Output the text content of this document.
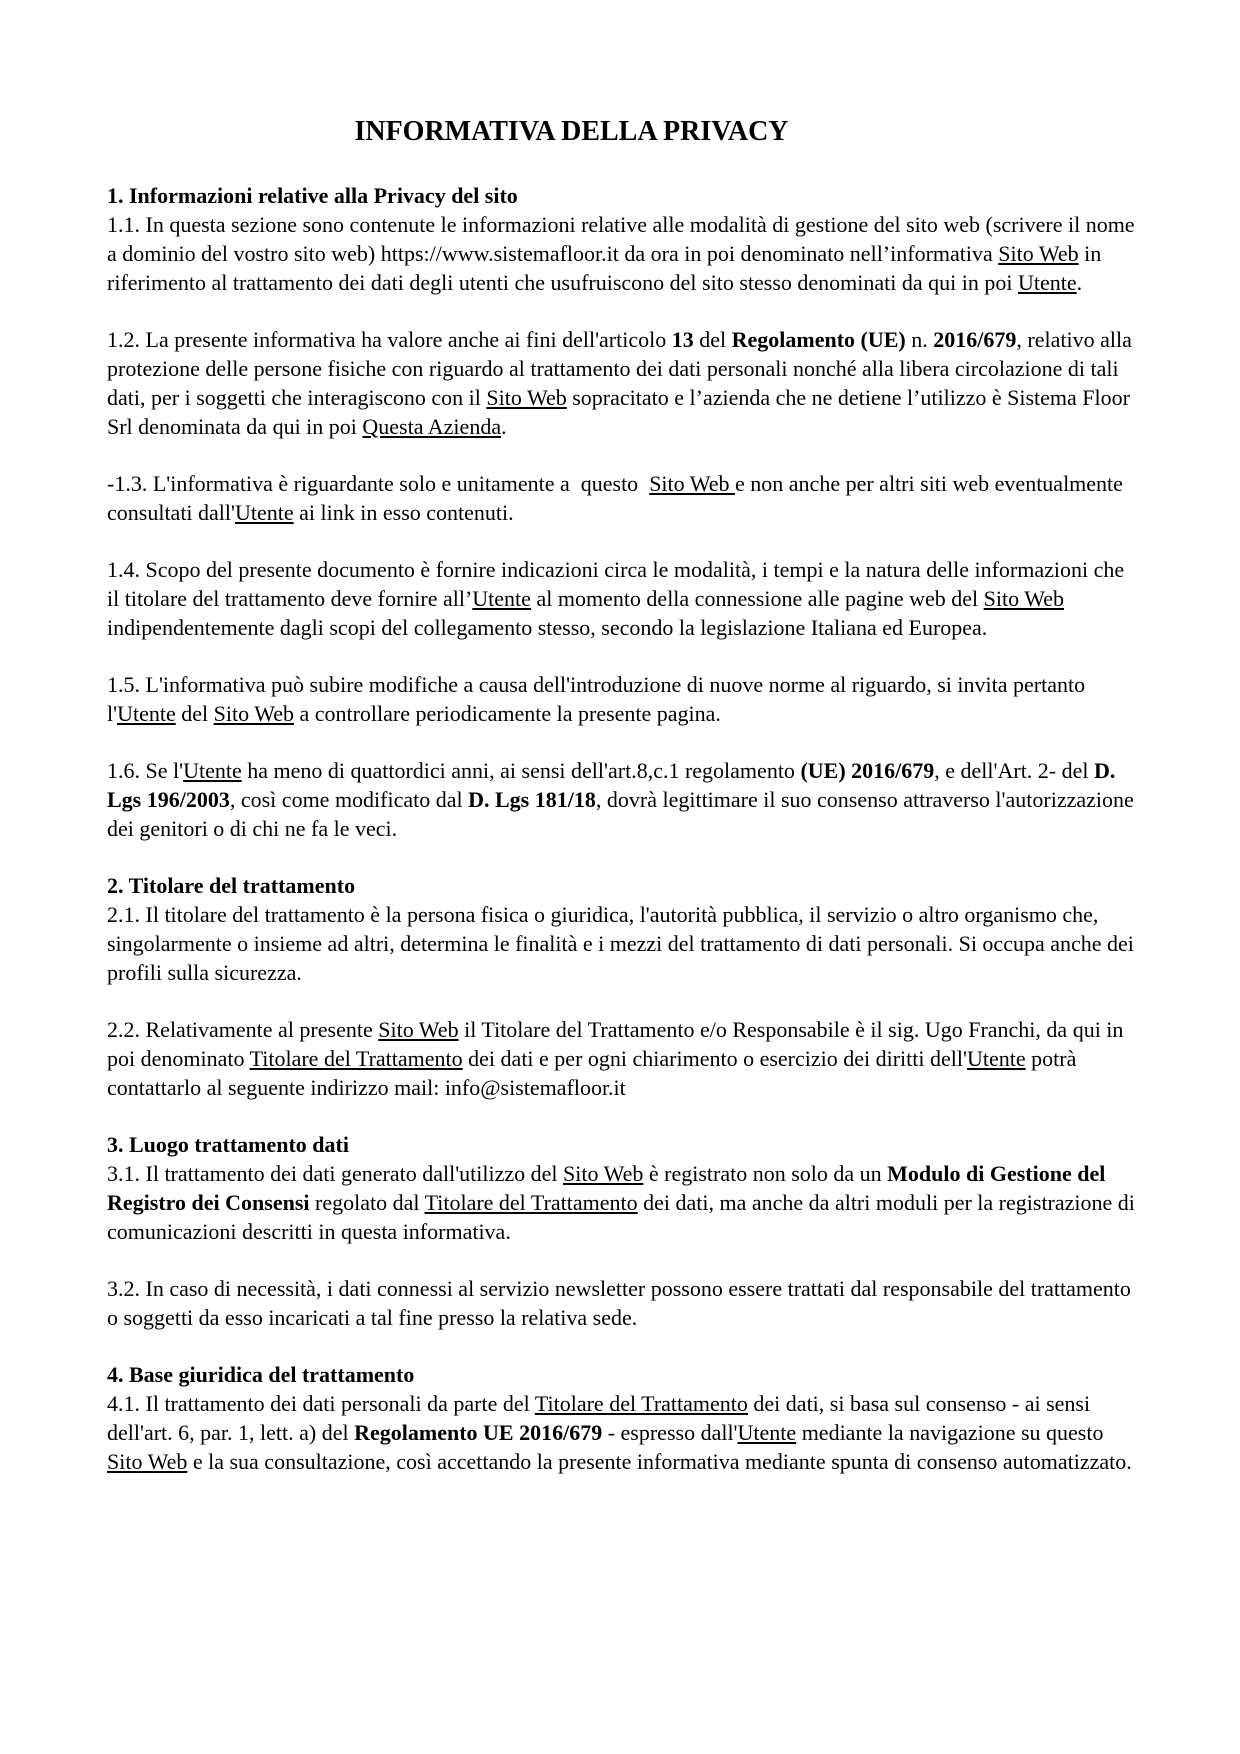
INFORMATIVA DELLA PRIVACY

1. Informazioni relative alla Privacy del sito

1.1. In questa sezione sono contenute le informazioni relative alle modalità di gestione del sito web (scrivere il nome a dominio del vostro sito web) https://www.sistemafloor.it da ora in poi denominato nell’informativa Sito Web in riferimento al trattamento dei dati degli utenti che usufruiscono del sito stesso denominati da qui in poi Utente.

1.2. La presente informativa ha valore anche ai fini dell'articolo 13 del Regolamento (UE) n. 2016/679, relativo alla protezione delle persone fisiche con riguardo al trattamento dei dati personali nonché alla libera circolazione di tali dati, per i soggetti che interagiscono con il Sito Web sopracitato e l’azienda che ne detiene l’utilizzo è Sistema Floor Srl denominata da qui in poi Questa Azienda.

-1.3. L'informativa è riguardante solo e unitamente a  questo  Sito Web e non anche per altri siti web eventualmente consultati dall'Utente ai link in esso contenuti.

1.4. Scopo del presente documento è fornire indicazioni circa le modalità, i tempi e la natura delle informazioni che il titolare del trattamento deve fornire all’Utente al momento della connessione alle pagine web del Sito Web indipendentemente dagli scopi del collegamento stesso, secondo la legislazione Italiana ed Europea.

1.5. L'informativa può subire modifiche a causa dell'introduzione di nuove norme al riguardo, si invita pertanto l'Utente del Sito Web a controllare periodicamente la presente pagina.

1.6. Se l'Utente ha meno di quattordici anni, ai sensi dell'art.8,c.1 regolamento (UE) 2016/679, e dell'Art. 2- del D. Lgs 196/2003, così come modificato dal D. Lgs 181/18, dovrà legittimare il suo consenso attraverso l'autorizzazione dei genitori o di chi ne fa le veci.

2. Titolare del trattamento

2.1. Il titolare del trattamento è la persona fisica o giuridica, l'autorità pubblica, il servizio o altro organismo che, singolarmente o insieme ad altri, determina le finalità e i mezzi del trattamento di dati personali. Si occupa anche dei profili sulla sicurezza.

2.2. Relativamente al presente Sito Web il Titolare del Trattamento e/o Responsabile è il sig. Ugo Franchi, da qui in poi denominato Titolare del Trattamento dei dati e per ogni chiarimento o esercizio dei diritti dell'Utente potrà contattarlo al seguente indirizzo mail: info@sistemafloor.it

3. Luogo trattamento dati

3.1. Il trattamento dei dati generato dall'utilizzo del Sito Web è registrato non solo da un Modulo di Gestione del Registro dei Consensi regolato dal Titolare del Trattamento dei dati, ma anche da altri moduli per la registrazione di comunicazioni descritti in questa informativa.

3.2. In caso di necessità, i dati connessi al servizio newsletter possono essere trattati dal responsabile del trattamento o soggetti da esso incaricati a tal fine presso la relativa sede.

4. Base giuridica del trattamento

4.1. Il trattamento dei dati personali da parte del Titolare del Trattamento dei dati, si basa sul consenso - ai sensi dell'art. 6, par. 1, lett. a) del Regolamento UE 2016/679 - espresso dall'Utente mediante la navigazione su questo Sito Web e la sua consultazione, così accettando la presente informativa mediante spunta di consenso automatizzato.
